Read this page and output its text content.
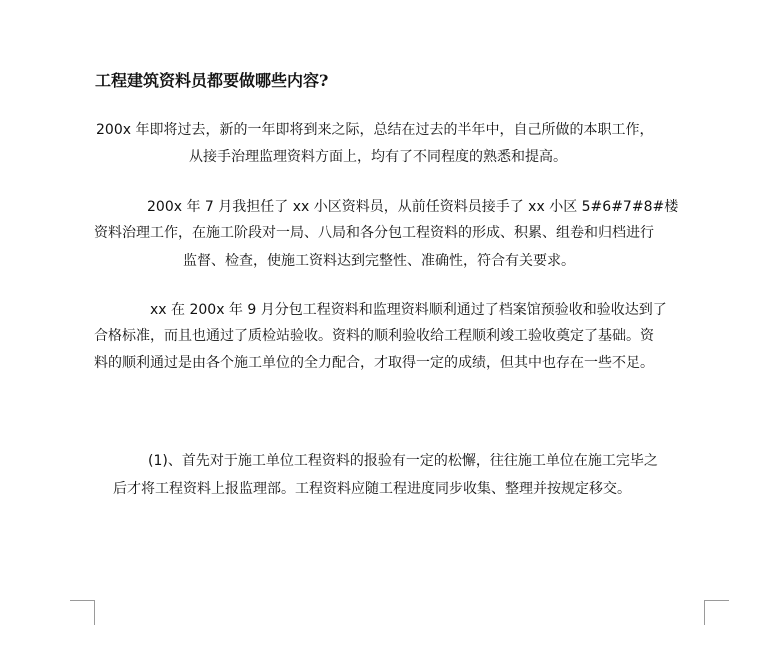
工程建筑资料员都要做哪些内容?

200x 年即将过去，新的一年即将到来之际，总结在过去的半年中，自己所做的本职工作，

从接手治理监理资料方面上，均有了不同程度的熟悉和提高。

200x 年 7 月我担任了 xx 小区资料员，从前任资料员接手了 xx 小区 5#6#7#8#楼

资料治理工作，在施工阶段对一局、八局和各分包工程资料的形成、积累、组卷和归档进行

监督、检查，使施工资料达到完整性、准确性，符合有关要求。

xx 在 200x 年 9 月分包工程资料和监理资料顺利通过了档案馆预验收和验收达到了

合格标准，而且也通过了质检站验收。资料的顺利验收给工程顺利竣工验收奠定了基础。资

料的顺利通过是由各个施工单位的全力配合，才取得一定的成绩，但其中也存在一些不足。

(1)、首先对于施工单位工程资料的报验有一定的松懈，往往施工单位在施工完毕之

后才将工程资料上报监理部。工程资料应随工程进度同步收集、整理并按规定移交。
